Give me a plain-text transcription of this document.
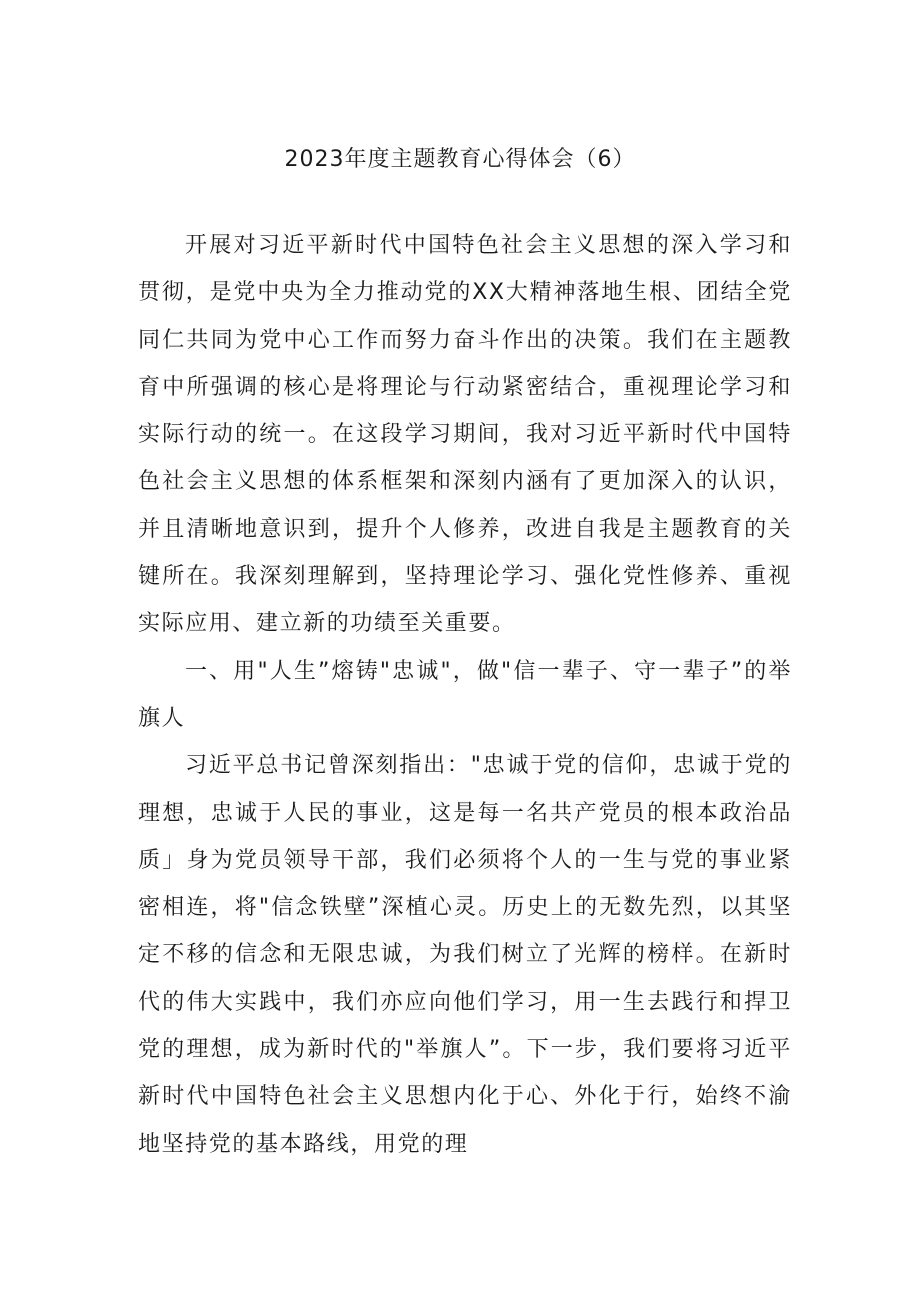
2023年度主题教育心得体会（6）

开展对习近平新时代中国特色社会主义思想的深入学习和贯彻，是党中央为全力推动党的XX大精神落地生根、团结全党同仁共同为党中心工作而努力奋斗作出的决策。我们在主题教育中所强调的核心是将理论与行动紧密结合，重视理论学习和实际行动的统一。在这段学习期间，我对习近平新时代中国特色社会主义思想的体系框架和深刻内涵有了更加深入的认识，并且清晰地意识到，提升个人修养，改进自我是主题教育的关键所在。我深刻理解到，坚持理论学习、强化党性修养、重视实际应用、建立新的功绩至关重要。

一、用"人生”熔铸"忠诚"，做"信一辈子、守一辈子”的举旗人

习近平总书记曾深刻指出："忠诚于党的信仰，忠诚于党的理想，忠诚于人民的事业，这是每一名共产党员的根本政治品质」身为党员领导干部，我们必须将个人的一生与党的事业紧密相连，将"信念铁壁”深植心灵。历史上的无数先烈，以其坚定不移的信念和无限忠诚，为我们树立了光辉的榜样。在新时代的伟大实践中，我们亦应向他们学习，用一生去践行和捍卫党的理想，成为新时代的"举旗人”。下一步，我们要将习近平新时代中国特色社会主义思想内化于心、外化于行，始终不渝地坚持党的基本路线，用党的理
